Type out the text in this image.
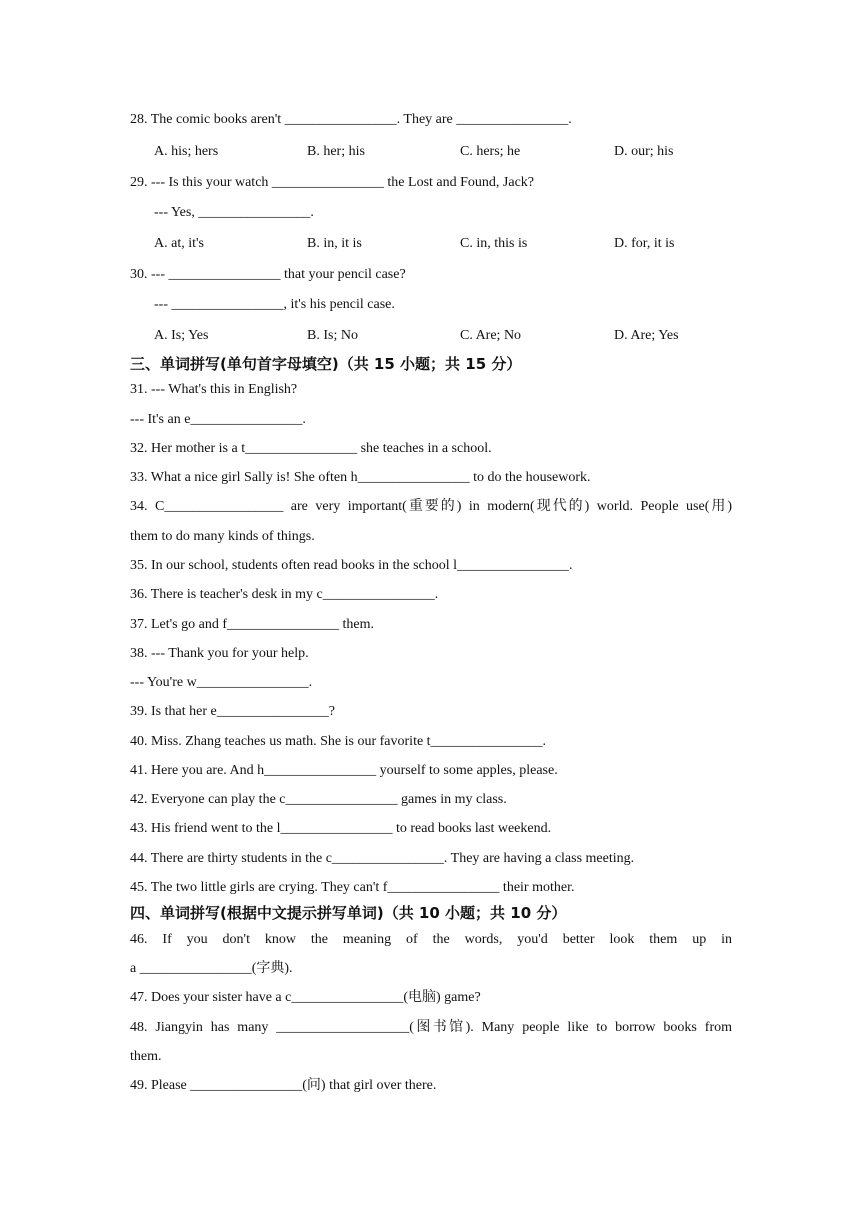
28. The comic books aren't ________________. They are ________________.
A. his; hers	B. her; his	C. hers; he	D. our; his
29. --- Is this your watch ________________ the Lost and Found, Jack?
--- Yes, ________________.
A. at, it's	B. in, it is	C. in, this is	D. for, it is
30. --- ________________ that your pencil case?
--- ________________, it's his pencil case.
A. Is; Yes	B. Is; No	C. Are; No	D. Are; Yes
三、单词拼写(单句首字母填空)（共 15 小题；共 15 分）
31. --- What's this in English?
--- It's an e________________.
32. Her mother is a t________________ she teaches in a school.
33. What a nice girl Sally is! She often h________________ to do the housework.
34. C_________________ are very important(重要的) in modern(现代的) world. People use(用)
them to do many kinds of things.
35. In our school, students often read books in the school l________________.
36. There is teacher's desk in my c________________.
37. Let's go and f________________ them.
38. --- Thank you for your help.
--- You're w________________.
39. Is that her e________________?
40. Miss. Zhang teaches us math. She is our favorite t________________.
41. Here you are. And h________________ yourself to some apples, please.
42. Everyone can play the c________________ games in my class.
43. His friend went to the l________________ to read books last weekend.
44. There are thirty students in the c________________. They are having a class meeting.
45. The two little girls are crying. They can't f________________ their mother.
四、单词拼写(根据中文提示拼写单词)（共 10 小题；共 10 分）
46. If you don't know the meaning of the words, you'd better look them up in
a ________________(字典).
47. Does your sister have a c________________(电脑) game?
48. Jiangyin has many ___________________(图书馆). Many people like to borrow books from
them.
49. Please ________________(问) that girl over there.
